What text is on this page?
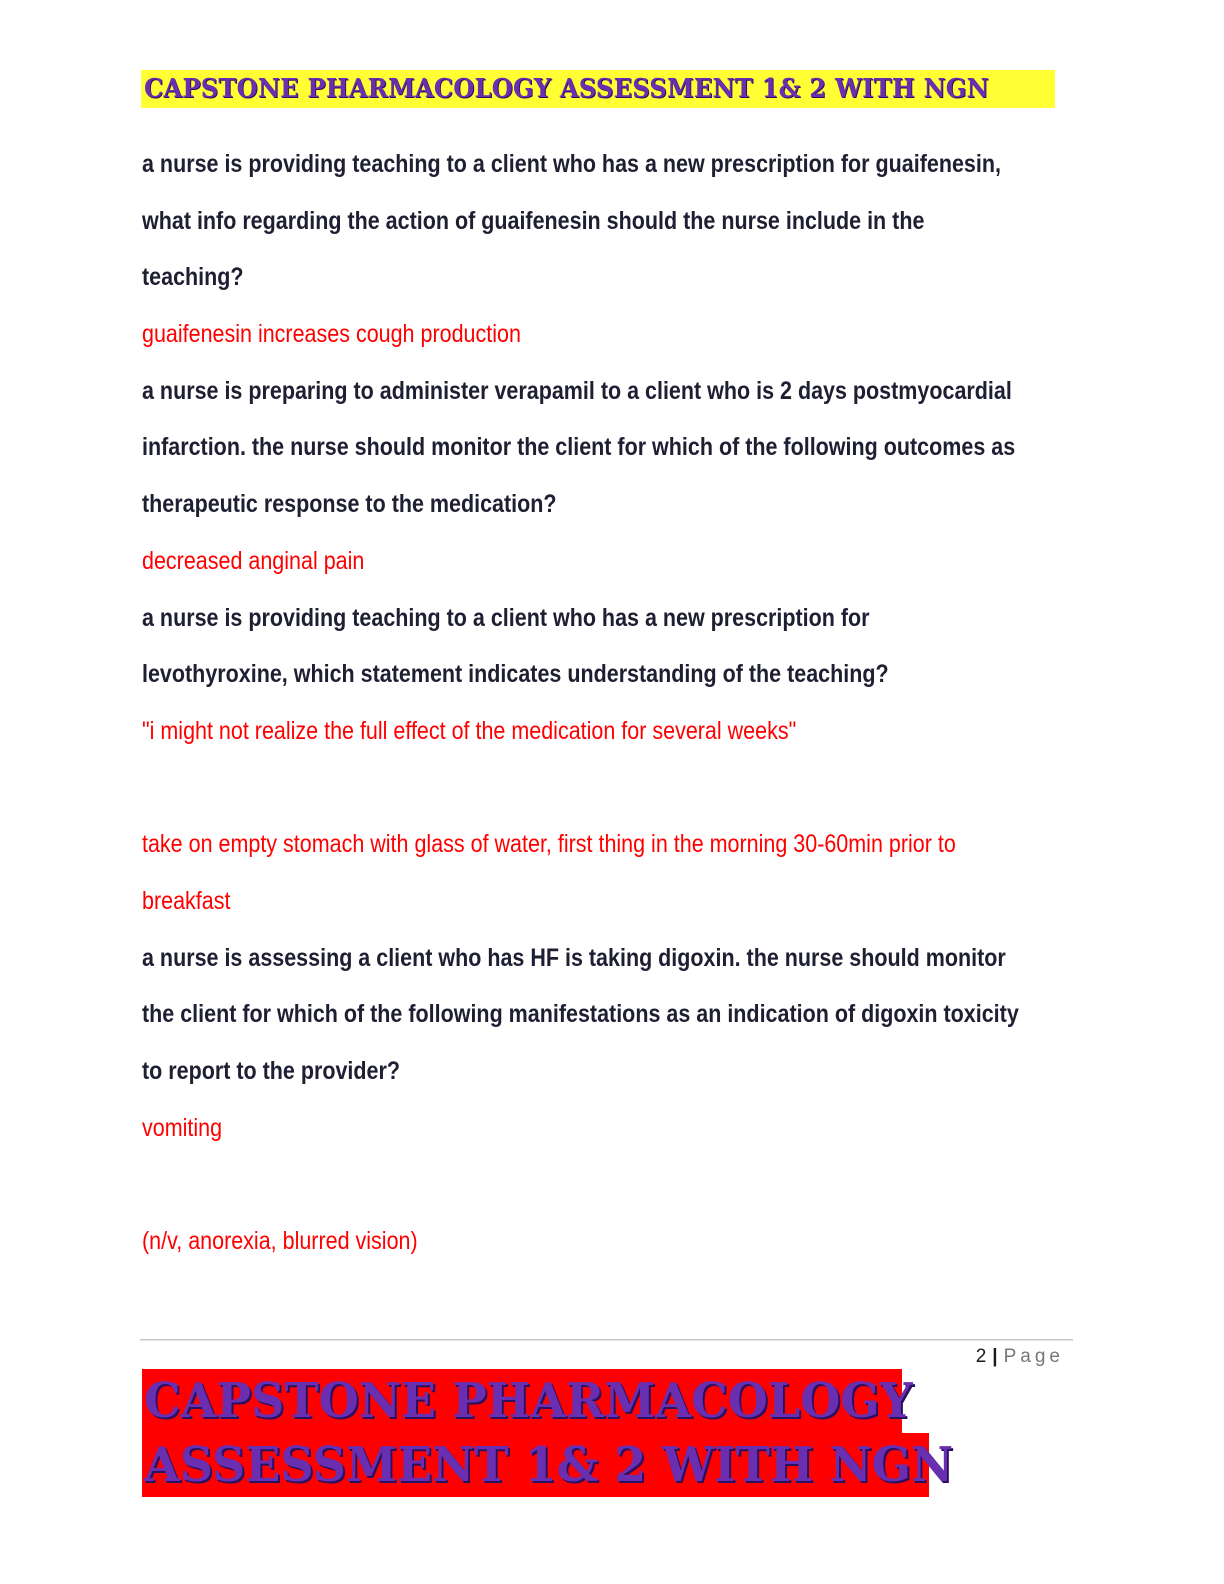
CAPSTONE PHARMACOLOGY ASSESSMENT 1& 2 WITH NGN
a nurse is providing teaching to a client who has a new prescription for guaifenesin,
what info regarding the action of guaifenesin should the nurse include in the
teaching?
guaifenesin increases cough production
a nurse is preparing to administer verapamil to a client who is 2 days postmyocardial
infarction. the nurse should monitor the client for which of the following outcomes as
therapeutic response to the medication?
decreased anginal pain
a nurse is providing teaching to a client who has a new prescription for
levothyroxine, which statement indicates understanding of the teaching?
"i might not realize the full effect of the medication for several weeks"
take on empty stomach with glass of water, first thing in the morning 30-60min prior to
breakfast
a nurse is assessing a client who has HF is taking digoxin. the nurse should monitor
the client for which of the following manifestations as an indication of digoxin toxicity
to report to the provider?
vomiting
(n/v, anorexia, blurred vision)
2 | Page
CAPSTONE PHARMACOLOGY
ASSESSMENT 1& 2 WITH NGN
